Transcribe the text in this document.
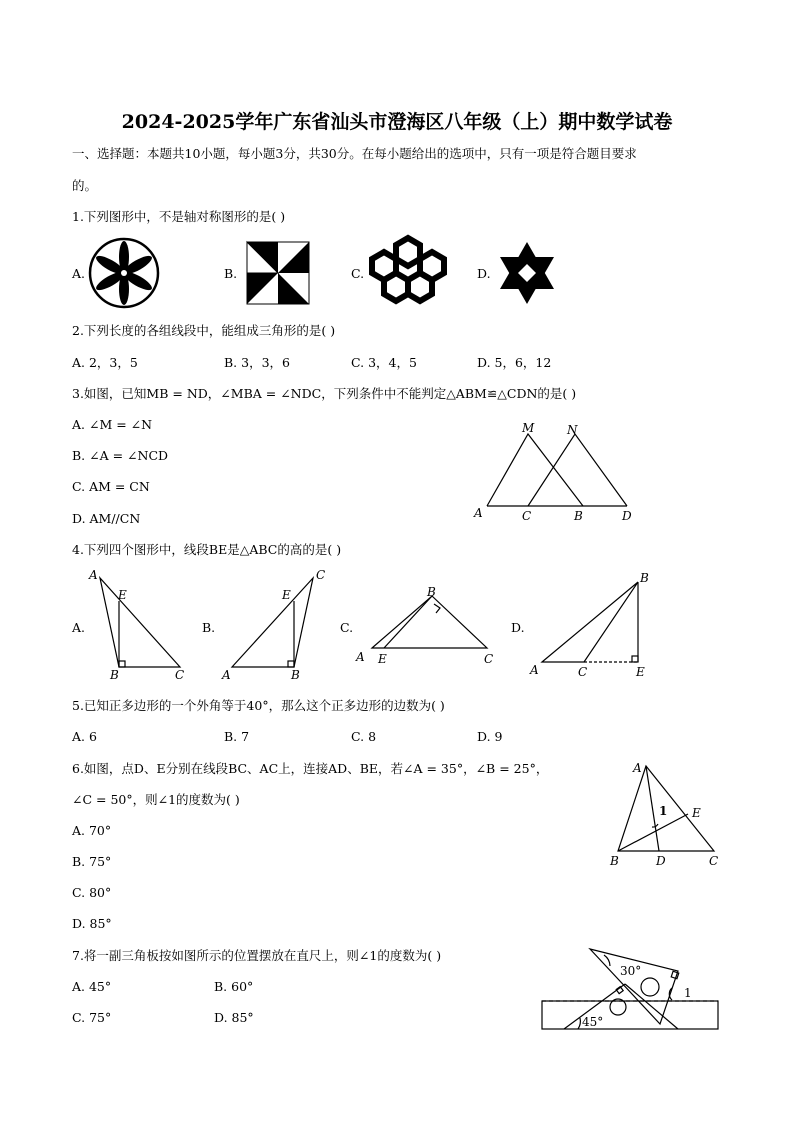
2024-2025学年广东省汕头市澄海区八年级（上）期中数学试卷
一、选择题：本题共10小题，每小题3分，共30分。在每小题给出的选项中，只有一项是符合题目要求
的。
1.下列图形中，不是轴对称图形的是( )
A.	B.	C.	D.
2.下列长度的各组线段中，能组成三角形的是( )
A. 2，3，5	B. 3，3，6	C. 3，4，5	D. 5，6，12
3.如图，已知MB = ND，∠MBA = ∠NDC，下列条件中不能判定△ABM≌△CDN的是( )
A. ∠M = ∠N
B. ∠A = ∠NCD
C. AM = CN
D. AM//CN
M	N
A	C	B	D
4.下列四个图形中，线段BE是△ABC的高的是( )
A.	B.	C.	D.
A
E
B	C
C
E
A	B
B
A E	C
B
A	C	E
5.已知正多边形的一个外角等于40°，那么这个正多边形的边数为( )
A. 6	B. 7	C. 8	D. 9
6.如图，点D、E分别在线段BC、AC上，连接AD、BE，若∠A = 35°，∠B = 25°，
∠C = 50°，则∠1的度数为( )
A. 70°
B. 75°
C. 80°
D. 85°
A
1 E
B	D	C
7.将一副三角板按如图所示的位置摆放在直尺上，则∠1的度数为( )
A. 45°	B. 60°
C. 75°	D. 85°
30°
1
45°
